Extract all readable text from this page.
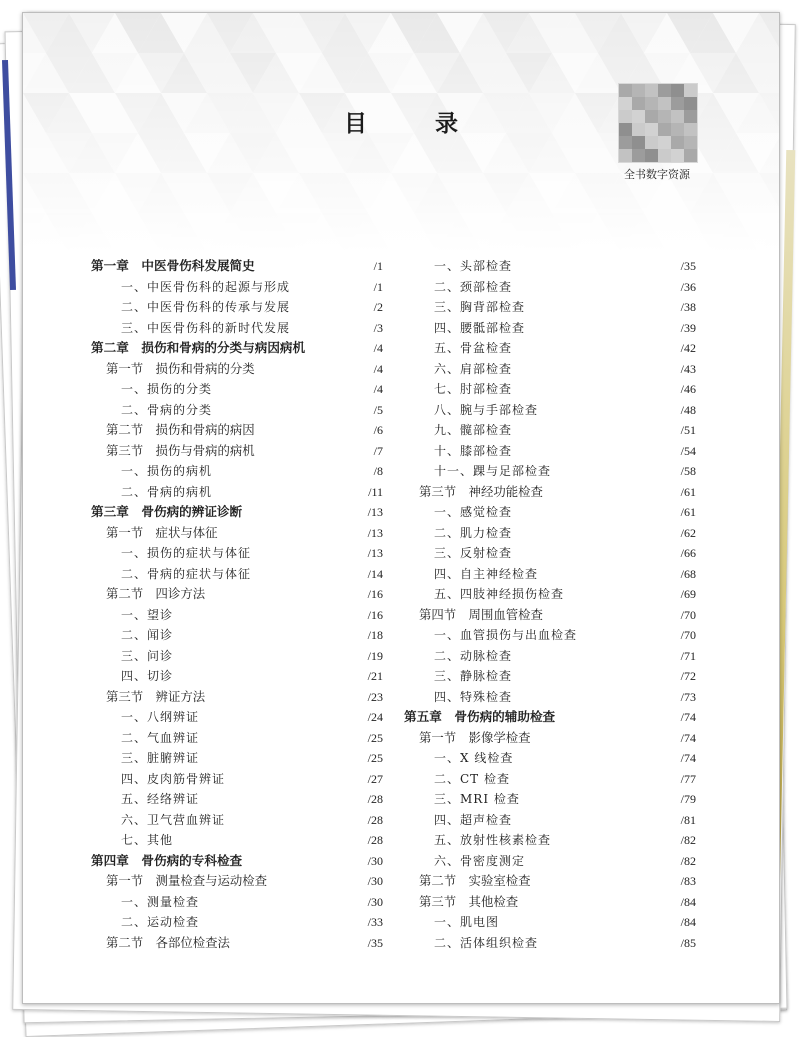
目 录
全书数字资源
第一章　中医骨伤科发展简史	/1
一、中医骨伤科的起源与形成	/1
二、中医骨伤科的传承与发展	/2
三、中医骨伤科的新时代发展	/3
第二章　损伤和骨病的分类与病因病机	/4
第一节　损伤和骨病的分类	/4
一、损伤的分类	/4
二、骨病的分类	/5
第二节　损伤和骨病的病因	/6
第三节　损伤与骨病的病机	/7
一、损伤的病机	/8
二、骨病的病机	/11
第三章　骨伤病的辨证诊断	/13
第一节　症状与体征	/13
一、损伤的症状与体征	/13
二、骨病的症状与体征	/14
第二节　四诊方法	/16
一、望诊	/16
二、闻诊	/18
三、问诊	/19
四、切诊	/21
第三节　辨证方法	/23
一、八纲辨证	/24
二、气血辨证	/25
三、脏腑辨证	/25
四、皮肉筋骨辨证	/27
五、经络辨证	/28
六、卫气营血辨证	/28
七、其他	/28
第四章　骨伤病的专科检查	/30
第一节　测量检查与运动检查	/30
一、测量检查	/30
二、运动检查	/33
第二节　各部位检查法	/35
一、头部检查	/35
二、颈部检查	/36
三、胸背部检查	/38
四、腰骶部检查	/39
五、骨盆检查	/42
六、肩部检查	/43
七、肘部检查	/46
八、腕与手部检查	/48
九、髋部检查	/51
十、膝部检查	/54
十一、踝与足部检查	/58
第三节　神经功能检查	/61
一、感觉检查	/61
二、肌力检查	/62
三、反射检查	/66
四、自主神经检查	/68
五、四肢神经损伤检查	/69
第四节　周围血管检查	/70
一、血管损伤与出血检查	/70
二、动脉检查	/71
三、静脉检查	/72
四、特殊检查	/73
第五章　骨伤病的辅助检查	/74
第一节　影像学检查	/74
一、X 线检查	/74
二、CT 检查	/77
三、MRI 检查	/79
四、超声检查	/81
五、放射性核素检查	/82
六、骨密度测定	/82
第二节　实验室检查	/83
第三节　其他检查	/84
一、肌电图	/84
二、活体组织检查	/85
